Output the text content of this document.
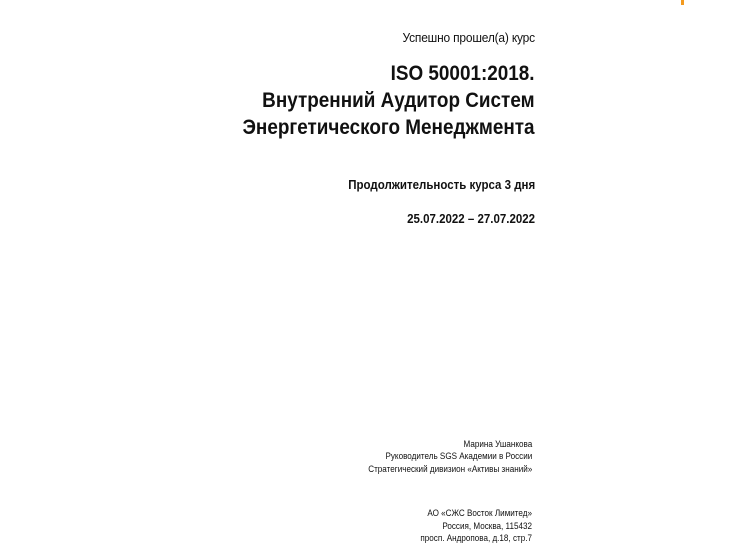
Успешно прошел(а) курс
ISO 50001:2018.
Внутренний Аудитор Систем
Энергетического Менеджмента
Продолжительность курса 3 дня
25.07.2022 – 27.07.2022
Марина Ушанкова
Руководитель SGS Академии в России
Стратегический дивизион «Активы знаний»
АО «СЖС Восток Лимитед»
Россия, Москва, 115432
просп. Андропова, д.18, стр.7
